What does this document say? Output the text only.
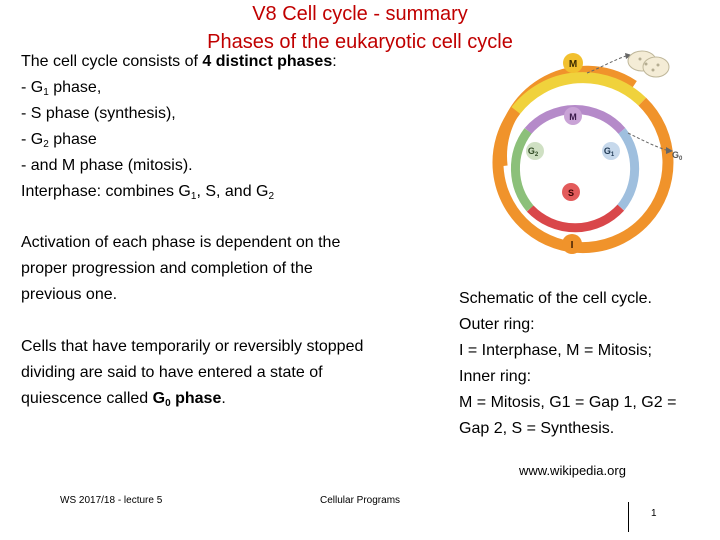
V8 Cell cycle - summary
Phases of the eukaryotic cell cycle
The cell cycle consists of 4 distinct phases:
- $G_1$ phase,
- S phase (synthesis),
- $G_2$ phase
- and M phase (mitosis).
Interphase: combines $G_1$, S, and $G_2$
Activation of each phase is dependent on the
proper progression and completion of the
previous one.
Cells that have temporarily or reversibly stopped
dividing are said to have entered a state of
quiescence called $G_0$ phase.
Schematic of the cell cycle.
Outer ring:
I = Interphase, M = Mitosis;
Inner ring:
M = Mitosis, G1 = Gap 1, G2 =
Gap 2, S = Synthesis.
www.wikipedia.org
WS 2017/18 - lecture 5	Cellular Programs
1
M
M
$G_2$	$G_1$
S
I
$G_0$
